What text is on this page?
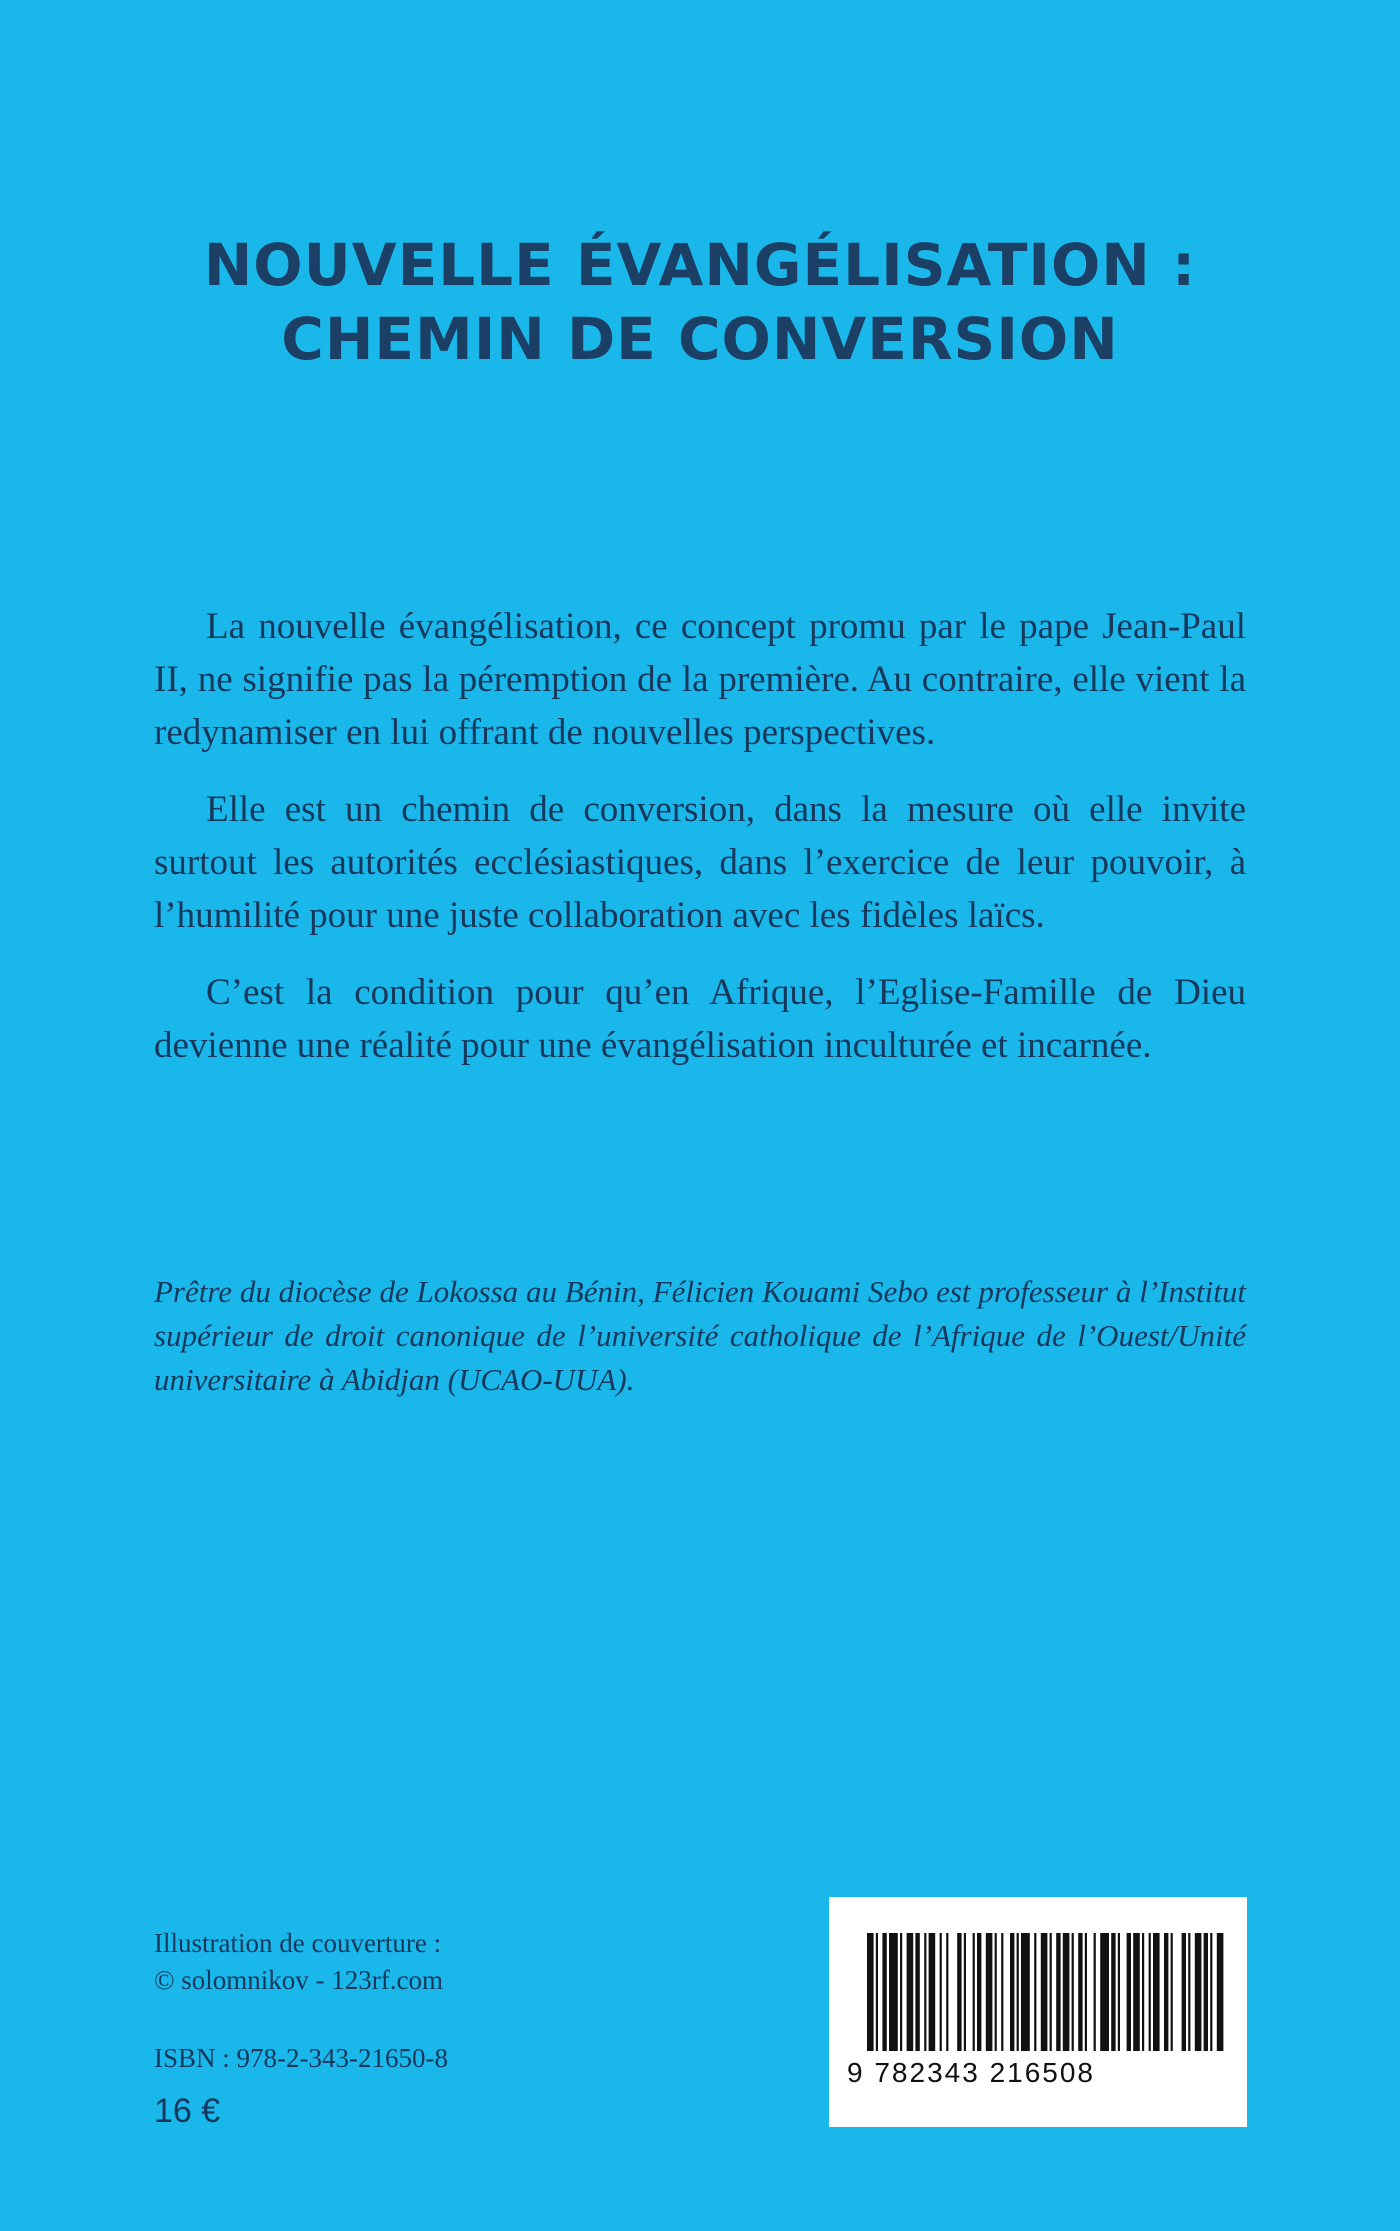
NOUVELLE ÉVANGÉLISATION :
CHEMIN DE CONVERSION

La nouvelle évangélisation, ce concept promu par le pape Jean-Paul II, ne signifie pas la péremption de la première. Au contraire, elle vient la redynamiser en lui offrant de nouvelles perspectives.

Elle est un chemin de conversion, dans la mesure où elle invite surtout les autorités ecclésiastiques, dans l’exercice de leur pouvoir, à l’humilité pour une juste collaboration avec les fidèles laïcs.

C’est la condition pour qu’en Afrique, l’Eglise-Famille de Dieu devienne une réalité pour une évangélisation inculturée et incarnée.

Prêtre du diocèse de Lokossa au Bénin, Félicien Kouami Sebo est professeur à l’Institut supérieur de droit canonique de l’université catholique de l’Afrique de l’Ouest/Unité universitaire à Abidjan (UCAO-UUA).

Illustration de couverture :
© solomnikov - 123rf.com
ISBN : 978-2-343-21650-8
16 €
9 782343 216508
